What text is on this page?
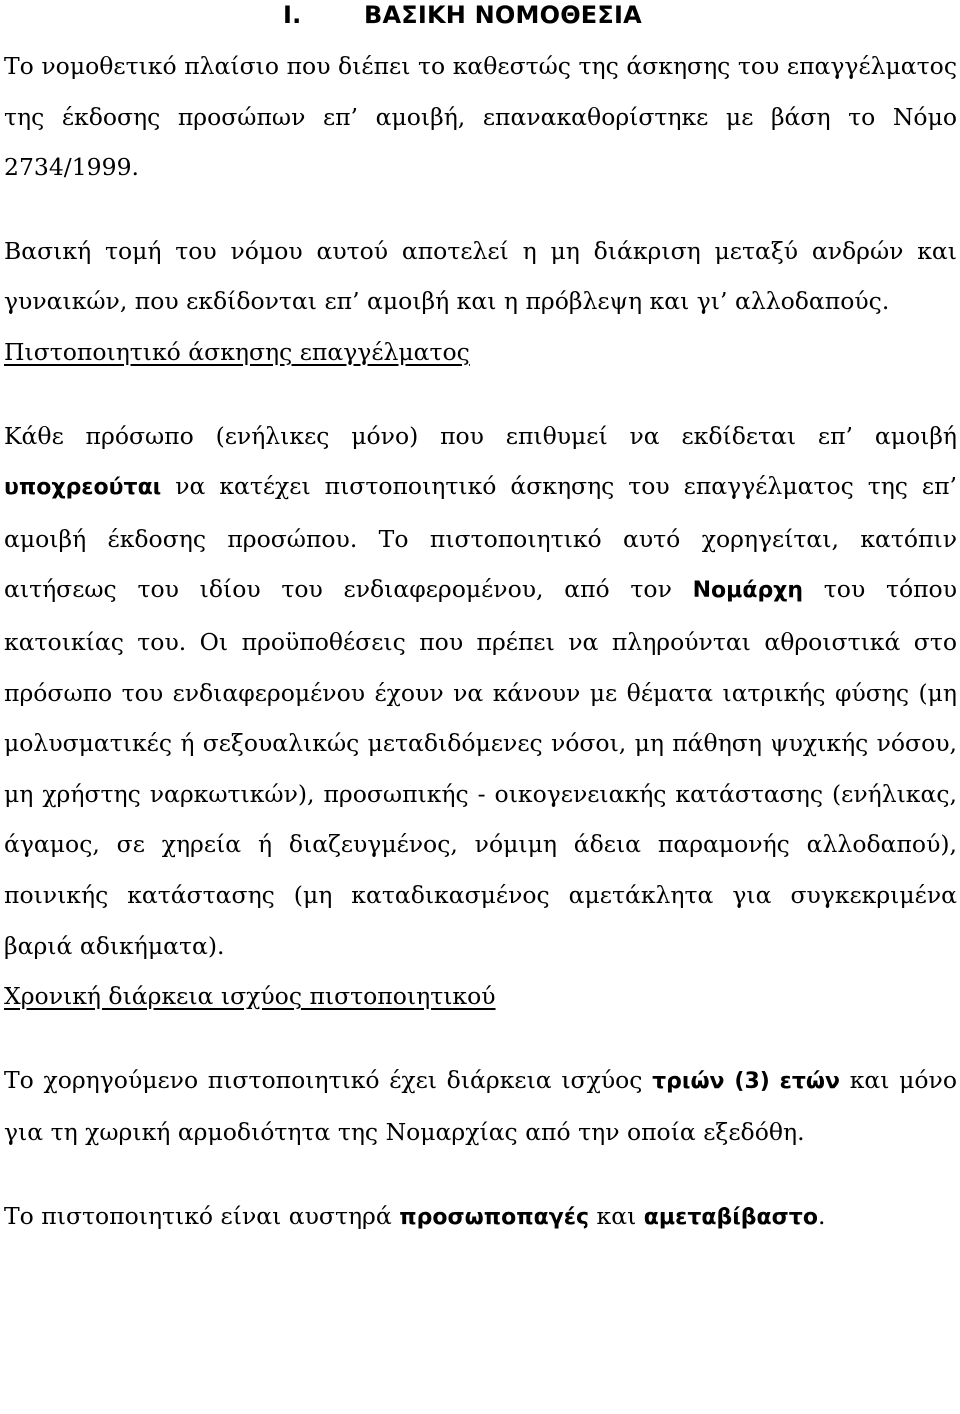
I.	ΒΑΣΙΚΗ ΝΟΜΟΘΕΣΙΑ

Το νομοθετικό πλαίσιο που διέπει το καθεστώς της άσκησης του επαγγέλματος της έκδοσης προσώπων επ’ αμοιβή, επανακαθορίστηκε με βάση το Νόμο 2734/1999.

Βασική τομή του νόμου αυτού αποτελεί η μη διάκριση μεταξύ ανδρών και γυναικών, που εκδίδονται επ’ αμοιβή και η πρόβλεψη και γι’ αλλοδαπούς.

Πιστοποιητικό άσκησης επαγγέλματος

Κάθε πρόσωπο (ενήλικες μόνο) που επιθυμεί να εκδίδεται επ’ αμοιβή υποχρεούται να κατέχει πιστοποιητικό άσκησης του επαγγέλματος της επ’ αμοιβή έκδοσης προσώπου. Το πιστοποιητικό αυτό χορηγείται, κατόπιν αιτήσεως του ιδίου του ενδιαφερομένου, από τον Νομάρχη του τόπου κατοικίας του. Οι προϋποθέσεις που πρέπει να πληρούνται αθροιστικά στο πρόσωπο του ενδιαφερομένου έχουν να κάνουν με θέματα ιατρικής φύσης (μη μολυσματικές ή σεξουαλικώς μεταδιδόμενες νόσοι, μη πάθηση ψυχικής νόσου, μη χρήστης ναρκωτικών), προσωπικής - οικογενειακής κατάστασης (ενήλικας, άγαμος, σε χηρεία ή διαζευγμένος, νόμιμη άδεια παραμονής αλλοδαπού), ποινικής κατάστασης (μη καταδικασμένος αμετάκλητα για συγκεκριμένα βαριά αδικήματα).

Χρονική διάρκεια ισχύος πιστοποιητικού

Το χορηγούμενο πιστοποιητικό έχει διάρκεια ισχύος τριών (3) ετών και μόνο για τη χωρική αρμοδιότητα της Νομαρχίας από την οποία εξεδόθη.

Το πιστοποιητικό είναι αυστηρά προσωποπαγές και αμεταβίβαστο.
